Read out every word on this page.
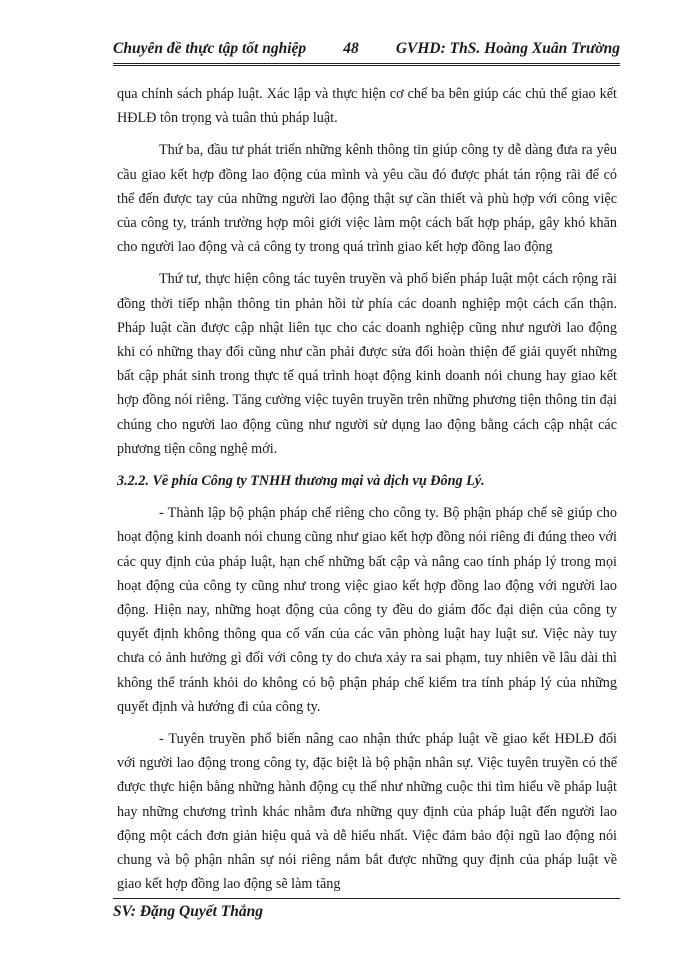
Chuyên đề thực tập tốt nghiệp 48 GVHD: ThS. Hoàng Xuân Trường

qua chính sách pháp luật. Xác lập và thực hiện cơ chế ba bên giúp các chủ thể giao kết HĐLĐ tôn trọng và tuân thủ pháp luật.

Thứ ba, đầu tư phát triển những kênh thông tin giúp công ty dễ dàng đưa ra yêu cầu giao kết hợp đồng lao động của mình và yêu cầu đó được phát tán rộng rãi để có thể đến được tay của những người lao động thật sự cần thiết và phù hợp với công việc của công ty, tránh trường hợp môi giới việc làm một cách bất hợp pháp, gây khó khăn cho người lao động và cả công ty trong quá trình giao kết hợp đồng lao động

Thứ tư, thực hiện công tác tuyên truyền và phổ biến pháp luật một cách rộng rãi đồng thời tiếp nhận thông tin phản hồi từ phía các doanh nghiệp một cách cẩn thận. Pháp luật cần được cập nhật liên tục cho các doanh nghiệp cũng như người lao động khi có những thay đổi cũng như cần phải được sửa đổi hoàn thiện để giải quyết những bất cập phát sinh trong thực tế quá trình hoạt động kinh doanh nói chung hay giao kết hợp đồng nói riêng. Tăng cường việc tuyên truyền trên những phương tiện thông tin đại chúng cho người lao động cũng như người sử dụng lao động bằng cách cập nhật các phương tiện công nghệ mới.

3.2.2. Về phía Công ty TNHH thương mại và dịch vụ Đông Lý.

- Thành lập bộ phận pháp chế riêng cho công ty. Bộ phận pháp chế sẽ giúp cho hoạt động kinh doanh nói chung cũng như giao kết hợp đồng nói riêng đi đúng theo với các quy định của pháp luật, hạn chế những bất cập và nâng cao tính pháp lý trong mọi hoạt động của công ty cũng như trong việc giao kết hợp đồng lao động với người lao động. Hiện nay, những hoạt động của công ty đều do giám đốc đại diện của công ty quyết định không thông qua cố vấn của các văn phòng luật hay luật sư. Việc này tuy chưa có ảnh hưởng gì đối với công ty do chưa xảy ra sai phạm, tuy nhiên về lâu dài thì không thể tránh khỏi do không có bộ phận pháp chế kiểm tra tính pháp lý của những quyết định và hướng đi của công ty.

- Tuyên truyền phổ biến nâng cao nhận thức pháp luật về giao kết HĐLĐ đối với người lao động trong công ty, đặc biệt là bộ phận nhân sự. Việc tuyên truyền có thể được thực hiện bằng những hành động cụ thể như những cuộc thi tìm hiểu về pháp luật hay những chương trình khác nhằm đưa những quy định của pháp luật đến người lao động một cách đơn giản hiệu quả và dễ hiểu nhất. Việc đảm bảo đội ngũ lao động nói chung và bộ phận nhân sự nói riêng nắm bắt được những quy định của pháp luật về giao kết hợp đồng lao động sẽ làm tăng

SV: Đặng Quyết Thắng
